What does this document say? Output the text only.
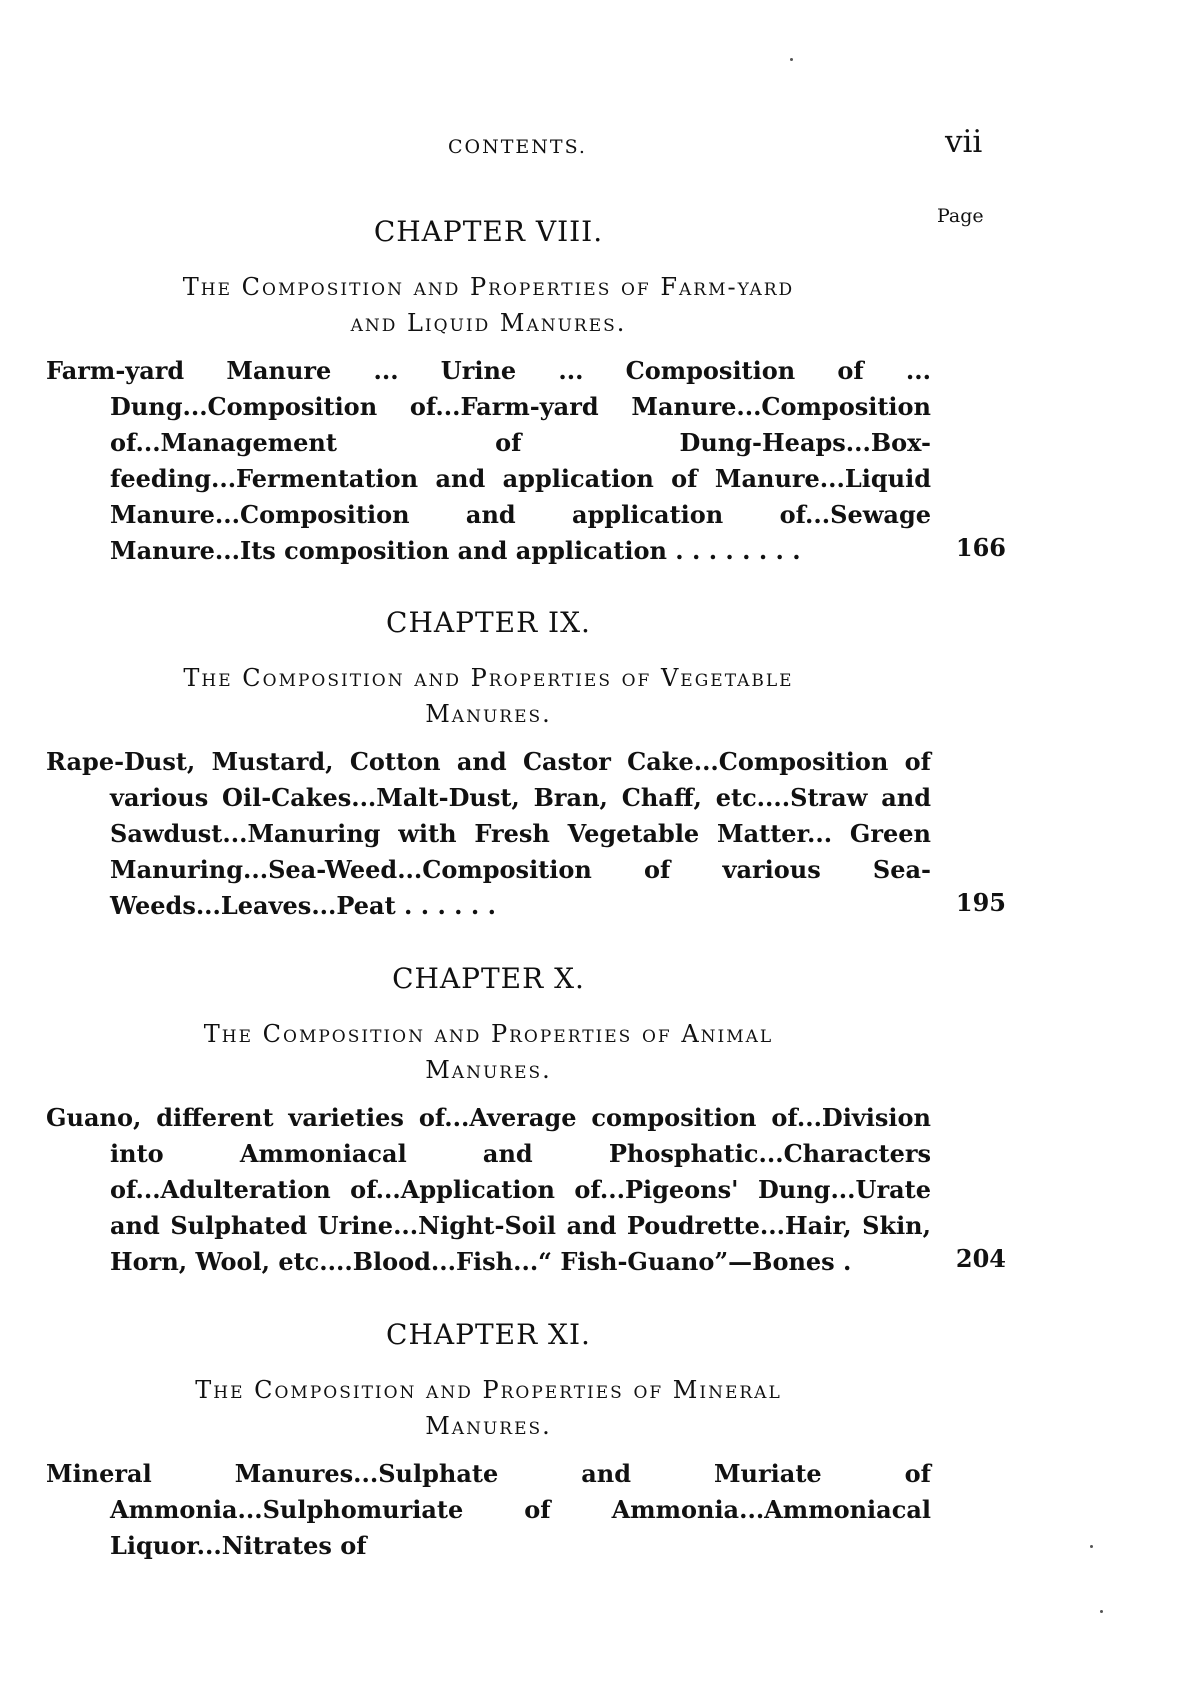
CONTENTS.	vii
Page
CHAPTER VIII.
The Composition and Properties of Farm-yard
and Liquid Manures.
Farm-yard Manure ... Urine ... Composition of ... Dung...Composition of...Farm-yard Manure...Composition of...Management of Dung-Heaps...Box-feeding...Fermentation and application of Manure...Liquid Manure...Composition and application of...Sewage Manure...Its composition and application . . . . . . . .	166
CHAPTER IX.
The Composition and Properties of Vegetable
Manures.
Rape-Dust, Mustard, Cotton and Castor Cake...Composition of various Oil-Cakes...Malt-Dust, Bran, Chaff, etc....Straw and Sawdust...Manuring with Fresh Vegetable Matter... Green Manuring...Sea-Weed...Composition of various Sea-Weeds...Leaves...Peat . . . . . .	195
CHAPTER X.
The Composition and Properties of Animal
Manures.
Guano, different varieties of...Average composition of...Division into Ammoniacal and Phosphatic...Characters of...Adulteration of...Application of...Pigeons' Dung...Urate and Sulphated Urine...Night-Soil and Poudrette...Hair, Skin, Horn, Wool, etc....Blood...Fish...“ Fish-Guano”—Bones .	204
CHAPTER XI.
The Composition and Properties of Mineral
Manures.
Mineral Manures...Sulphate and Muriate of Ammonia...Sulphomuriate of Ammonia...Ammoniacal Liquor...Nitrates of
